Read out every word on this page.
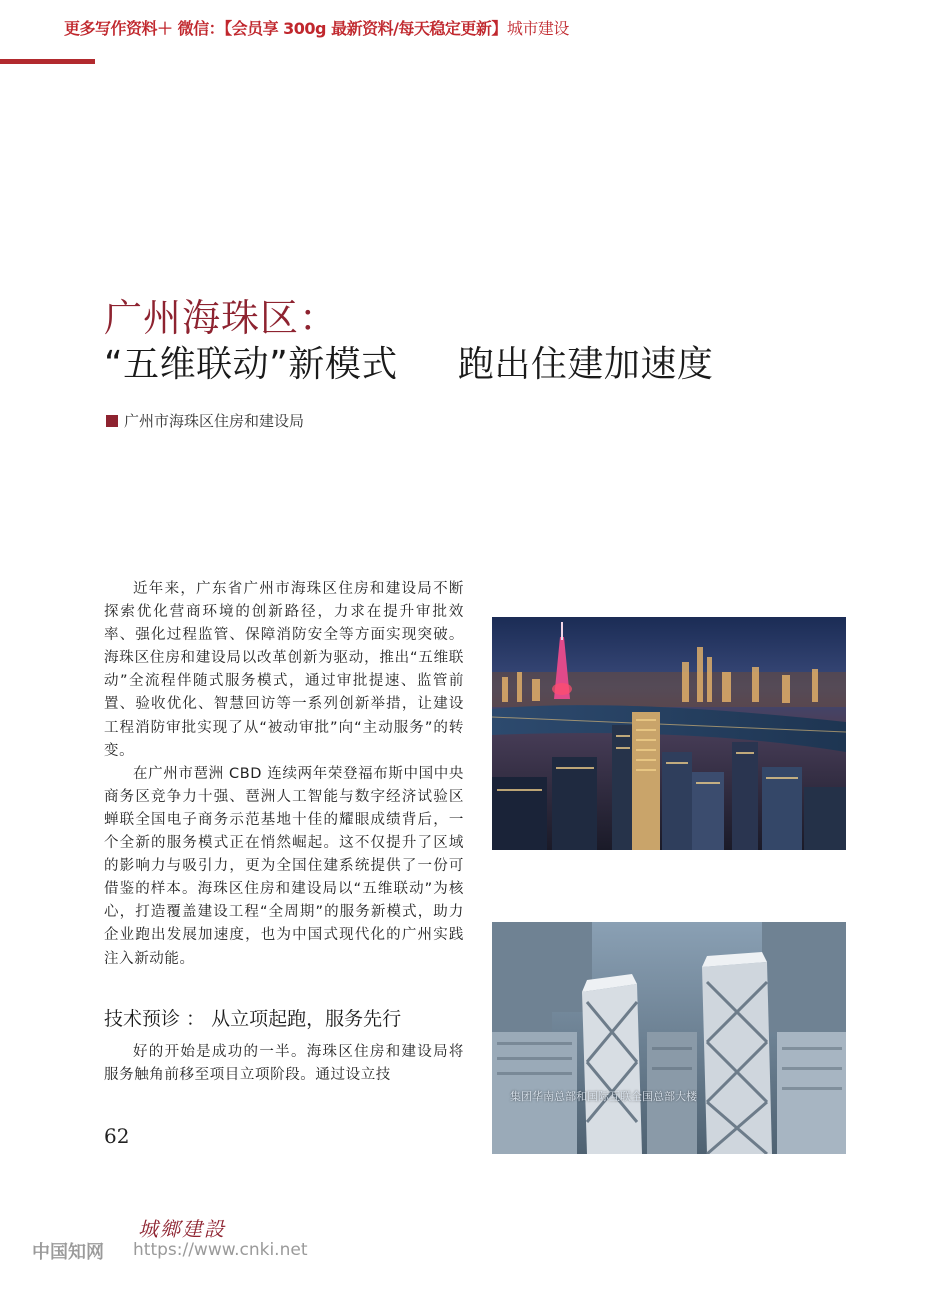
更多写作资料＋ 微信：【会员享 300g 最新资料/每天稳定更新】城市建设
广州海珠区：
“五维联动”新模式 跑出住建加速度
广州市海珠区住房和建设局

近年来，广东省广州市海珠区住房和建设局不断探索优化营商环境的创新路径，力求在提升审批效率、强化过程监管、保障消防安全等方面实现突破。海珠区住房和建设局以改革创新为驱动，推出“五维联动”全流程伴随式服务模式，通过审批提速、监管前置、验收优化、智慧回访等一系列创新举措，让建设工程消防审批实现了从“被动审批”向“主动服务”的转变。

在广州市琶洲 CBD 连续两年荣登福布斯中国中央商务区竞争力十强、琶洲人工智能与数字经济试验区蝉联全国电子商务示范基地十佳的耀眼成绩背后，一个全新的服务模式正在悄然崛起。这不仅提升了区域的影响力与吸引力，更为全国住建系统提供了一份可借鉴的样本。海珠区住房和建设局以“五维联动”为核心，打造覆盖建设工程“全周期”的服务新模式，助力企业跑出发展加速度，也为中国式现代化的广州实践注入新动能。

技术预诊 ： 从立项起跑，服务先行

好的开始是成功的一半。海珠区住房和建设局将服务触角前移至项目立项阶段。通过设立技

62
集团华南总部和国际互联全国总部大楼
城鄉建設
中国知网 https://www.cnki.net
